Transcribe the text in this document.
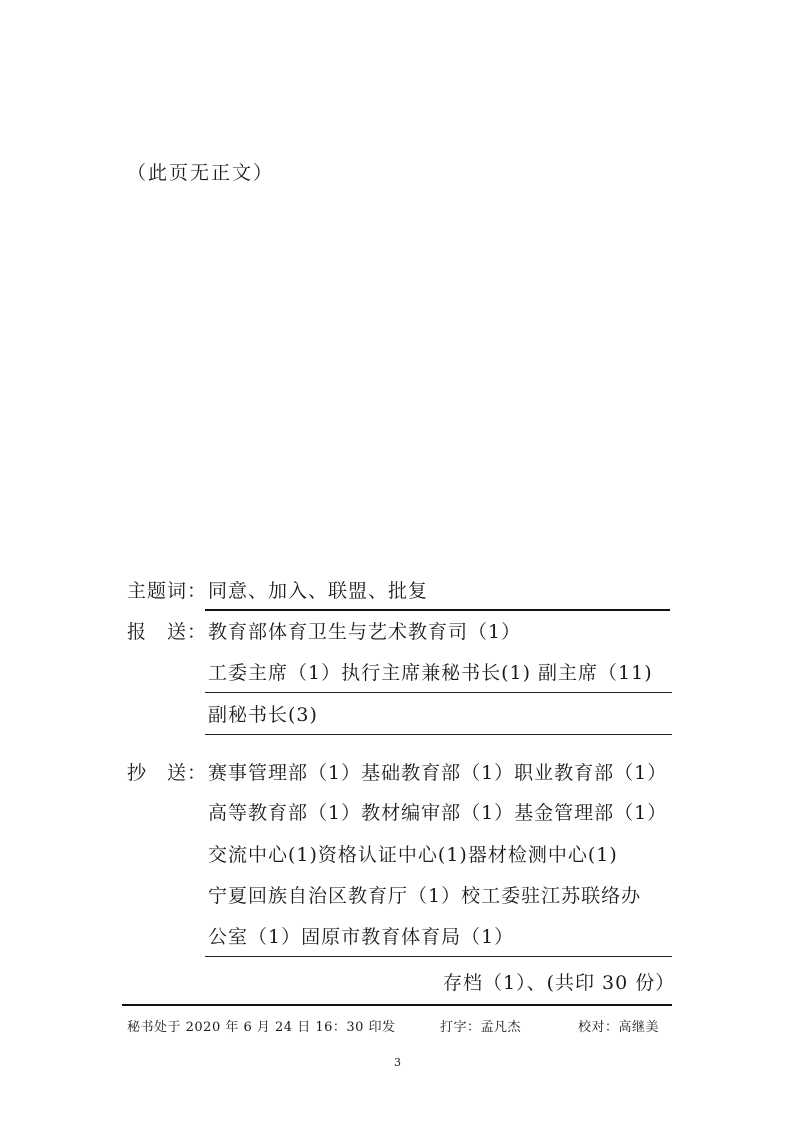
（此页无正文）
主题词： 同意、加入、联盟、批复
报　送： 教育部体育卫生与艺术教育司（1）
工委主席（1）执行主席兼秘书长(1) 副主席（11)
副秘书长(3)
抄　送： 赛事管理部（1）基础教育部（1）职业教育部（1）
高等教育部（1）教材编审部（1）基金管理部（1）
交流中心(1)资格认证中心(1)器材检测中心(1)
宁夏回族自治区教育厅（1）校工委驻江苏联络办
公室（1）固原市教育体育局（1）
存档（1）、(共印 30 份）
秘书处于 2020 年 6 月 24 日 16：30 印发	打字：孟凡杰	校对：高继美
3
